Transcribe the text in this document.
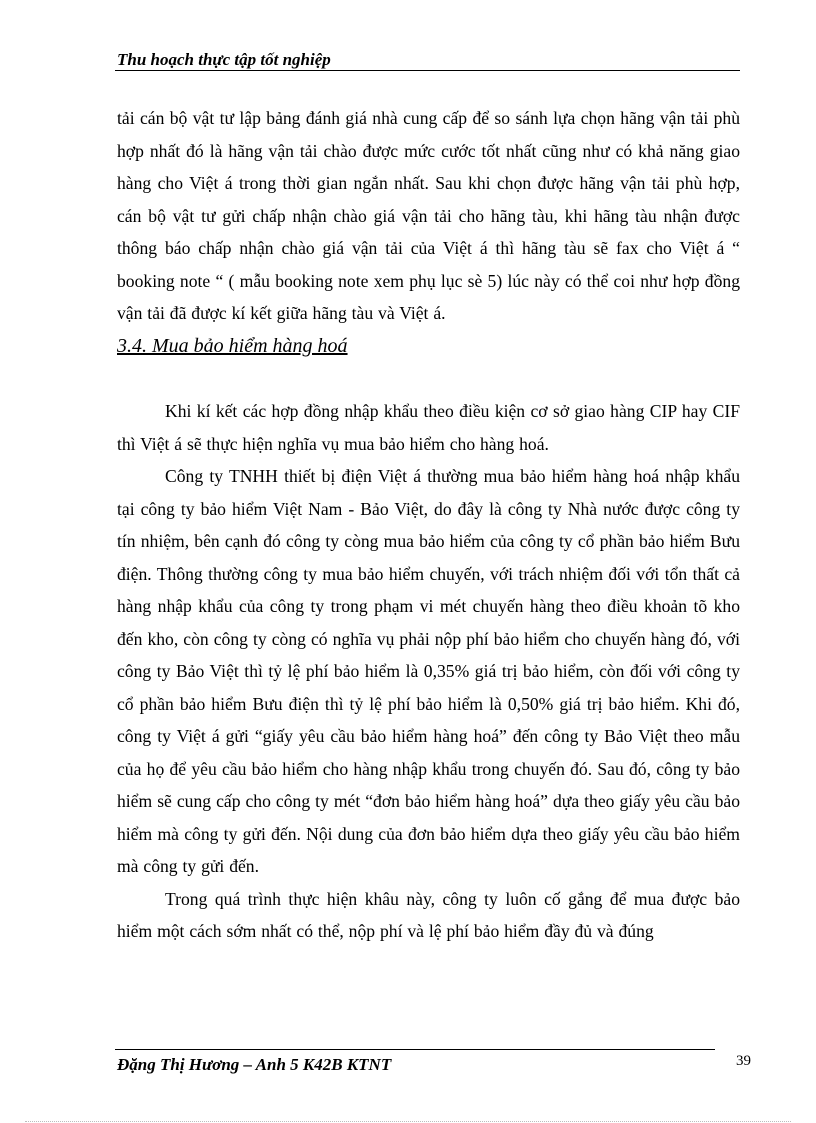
Thu hoạch thực tập tốt nghiệp

tải cán bộ vật tư lập bảng đánh giá nhà cung cấp để so sánh lựa chọn hãng vận tải phù hợp nhất đó là hãng vận tải chào được mức cước tốt nhất cũng như có khả năng giao hàng cho Việt á trong thời gian ngắn nhất. Sau khi chọn được hãng vận tải phù hợp, cán bộ vật tư gửi chấp nhận chào giá vận tải cho hãng tàu, khi hãng tàu nhận được thông báo chấp nhận chào giá vận tải của Việt á thì hãng tàu sẽ fax cho Việt á “ booking note “ ( mẫu booking note xem phụ lục sè 5) lúc này có thể coi như hợp đồng vận tải đã được kí kết giữa hãng tàu và Việt á.

3.4. Mua bảo hiểm hàng hoá

Khi kí kết các hợp đồng nhập khẩu theo điều kiện cơ sở giao hàng CIP hay CIF thì Việt á sẽ thực hiện nghĩa vụ mua bảo hiểm cho hàng hoá.

Công ty TNHH thiết bị điện Việt á thường mua bảo hiểm hàng hoá nhập khẩu tại công ty bảo hiểm Việt Nam - Bảo Việt, do đây là công ty Nhà nước được công ty tín nhiệm, bên cạnh đó công ty còng mua bảo hiểm của công ty cổ phần bảo hiểm Bưu điện. Thông thường công ty mua bảo hiểm chuyến, với trách nhiệm đối với tổn thất cả hàng nhập khẩu của công ty trong phạm vi mét chuyến hàng theo điều khoản tõ kho đến kho, còn công ty còng có nghĩa vụ phải nộp phí bảo hiểm cho chuyến hàng đó, với công ty Bảo Việt thì tỷ lệ phí bảo hiểm là 0,35% giá trị bảo hiểm, còn đối với công ty cổ phần bảo hiểm Bưu điện thì tỷ lệ phí bảo hiểm là 0,50% giá trị bảo hiểm. Khi đó, công ty Việt á gửi “giấy yêu cầu bảo hiểm hàng hoá” đến công ty Bảo Việt theo mẫu của họ để yêu cầu bảo hiểm cho hàng nhập khẩu trong chuyến đó. Sau đó, công ty bảo hiểm sẽ cung cấp cho công ty mét “đơn bảo hiểm hàng hoá” dựa theo giấy yêu cầu bảo hiểm mà công ty gửi đến. Nội dung của đơn bảo hiểm dựa theo giấy yêu cầu bảo hiểm mà công ty gửi đến.

Trong quá trình thực hiện khâu này, công ty luôn cố gắng để mua được bảo hiểm một cách sớm nhất có thể, nộp phí và lệ phí bảo hiểm đầy đủ và đúng

Đặng Thị Hương – Anh 5 K42B KTNT	39
